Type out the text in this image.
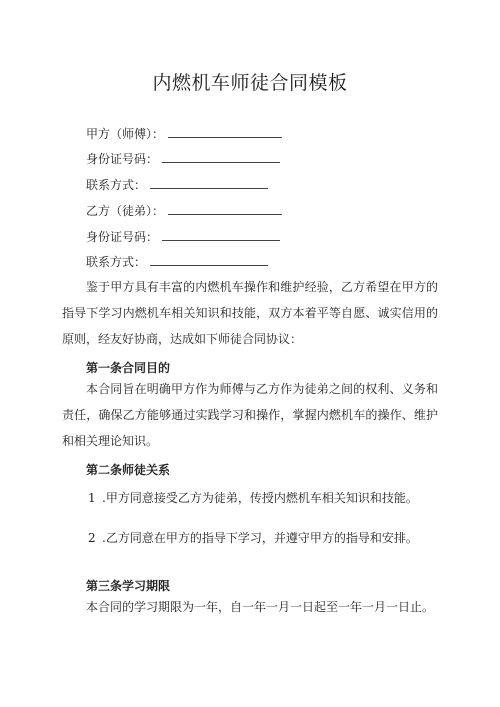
内燃机车师徒合同模板
甲方（师傅）：
身份证号码：
联系方式：
乙方（徒弟）：
身份证号码：
联系方式：
鉴于甲方具有丰富的内燃机车操作和维护经验，乙方希望在甲方的指导下学习内燃机车相关知识和技能，双方本着平等自愿、诚实信用的原则，经友好协商，达成如下师徒合同协议：
第一条合同目的
本合同旨在明确甲方作为师傅与乙方作为徒弟之间的权利、义务和责任，确保乙方能够通过实践学习和操作，掌握内燃机车的操作、维护和相关理论知识。
第二条师徒关系
1 .甲方同意接受乙方为徒弟，传授内燃机车相关知识和技能。
2 .乙方同意在甲方的指导下学习，并遵守甲方的指导和安排。
第三条学习期限
本合同的学习期限为一年，自一年一月一日起至一年一月一日止。
